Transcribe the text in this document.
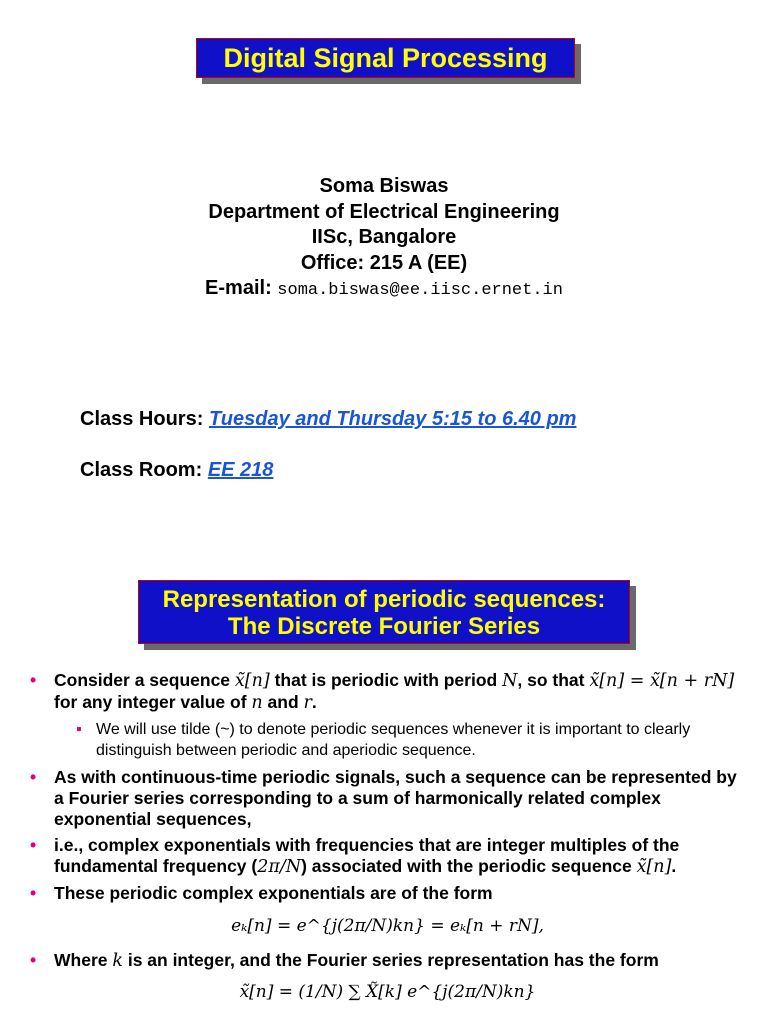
Digital Signal Processing
Soma Biswas
Department of Electrical Engineering
IISc, Bangalore
Office: 215 A (EE)
E-mail: soma.biswas@ee.iisc.ernet.in
Class Hours: Tuesday and Thursday 5:15 to 6.40 pm
Class Room: EE 218
Representation of periodic sequences:
The Discrete Fourier Series
• Consider a sequence x̃[n] that is periodic with period N, so that x̃[n] = x̃[n + rN] for any integer value of n and r.
▪ We will use tilde (~) to denote periodic sequences whenever it is important to clearly distinguish between periodic and aperiodic sequence.
• As with continuous-time periodic signals, such a sequence can be represented by a Fourier series corresponding to a sum of harmonically related complex exponential sequences,
• i.e., complex exponentials with frequencies that are integer multiples of the fundamental frequency (2π/N) associated with the periodic sequence x̃[n].
• These periodic complex exponentials are of the form
eₖ[n] = e^{j(2π/N)kn} = eₖ[n + rN],
• Where k is an integer, and the Fourier series representation has the form
x̃[n] = (1/N) ∑ X̃[k] e^{j(2π/N)kn}
